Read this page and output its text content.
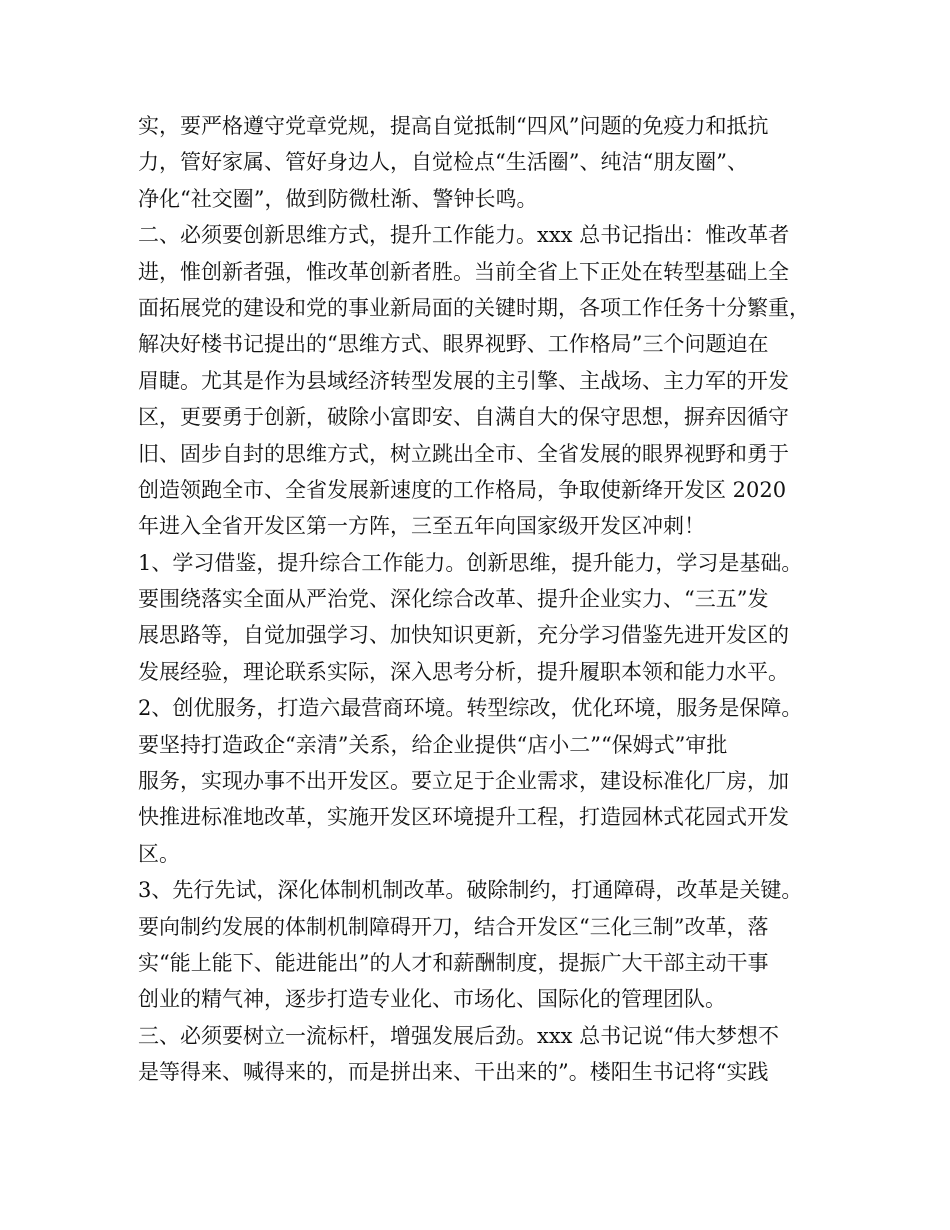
实，要严格遵守党章党规，提高自觉抵制“四风”问题的免疫力和抵抗
力，管好家属、管好身边人，自觉检点“生活圈”、纯洁“朋友圈”、
净化“社交圈”，做到防微杜渐、警钟长鸣。
二、必须要创新思维方式，提升工作能力。xxx 总书记指出：惟改革者
进，惟创新者强，惟改革创新者胜。当前全省上下正处在转型基础上全
面拓展党的建设和党的事业新局面的关键时期，各项工作任务十分繁重，
解决好楼书记提出的“思维方式、眼界视野、工作格局”三个问题迫在
眉睫。尤其是作为县域经济转型发展的主引擎、主战场、主力军的开发
区，更要勇于创新，破除小富即安、自满自大的保守思想，摒弃因循守
旧、固步自封的思维方式，树立跳出全市、全省发展的眼界视野和勇于
创造领跑全市、全省发展新速度的工作格局，争取使新绛开发区 2020
年进入全省开发区第一方阵，三至五年向国家级开发区冲刺！
1、学习借鉴，提升综合工作能力。创新思维，提升能力，学习是基础。
要围绕落实全面从严治党、深化综合改革、提升企业实力、“三五”发
展思路等，自觉加强学习、加快知识更新，充分学习借鉴先进开发区的
发展经验，理论联系实际，深入思考分析，提升履职本领和能力水平。
2、创优服务，打造六最营商环境。转型综改，优化环境，服务是保障。
要坚持打造政企“亲清”关系，给企业提供“店小二”“保姆式”审批
服务，实现办事不出开发区。要立足于企业需求，建设标准化厂房，加
快推进标准地改革，实施开发区环境提升工程，打造园林式花园式开发
区。
3、先行先试，深化体制机制改革。破除制约，打通障碍，改革是关键。
要向制约发展的体制机制障碍开刀，结合开发区“三化三制”改革，落
实“能上能下、能进能出”的人才和薪酬制度，提振广大干部主动干事
创业的精气神，逐步打造专业化、市场化、国际化的管理团队。
三、必须要树立一流标杆，增强发展后劲。xxx 总书记说“伟大梦想不
是等得来、喊得来的，而是拼出来、干出来的”。楼阳生书记将“实践
